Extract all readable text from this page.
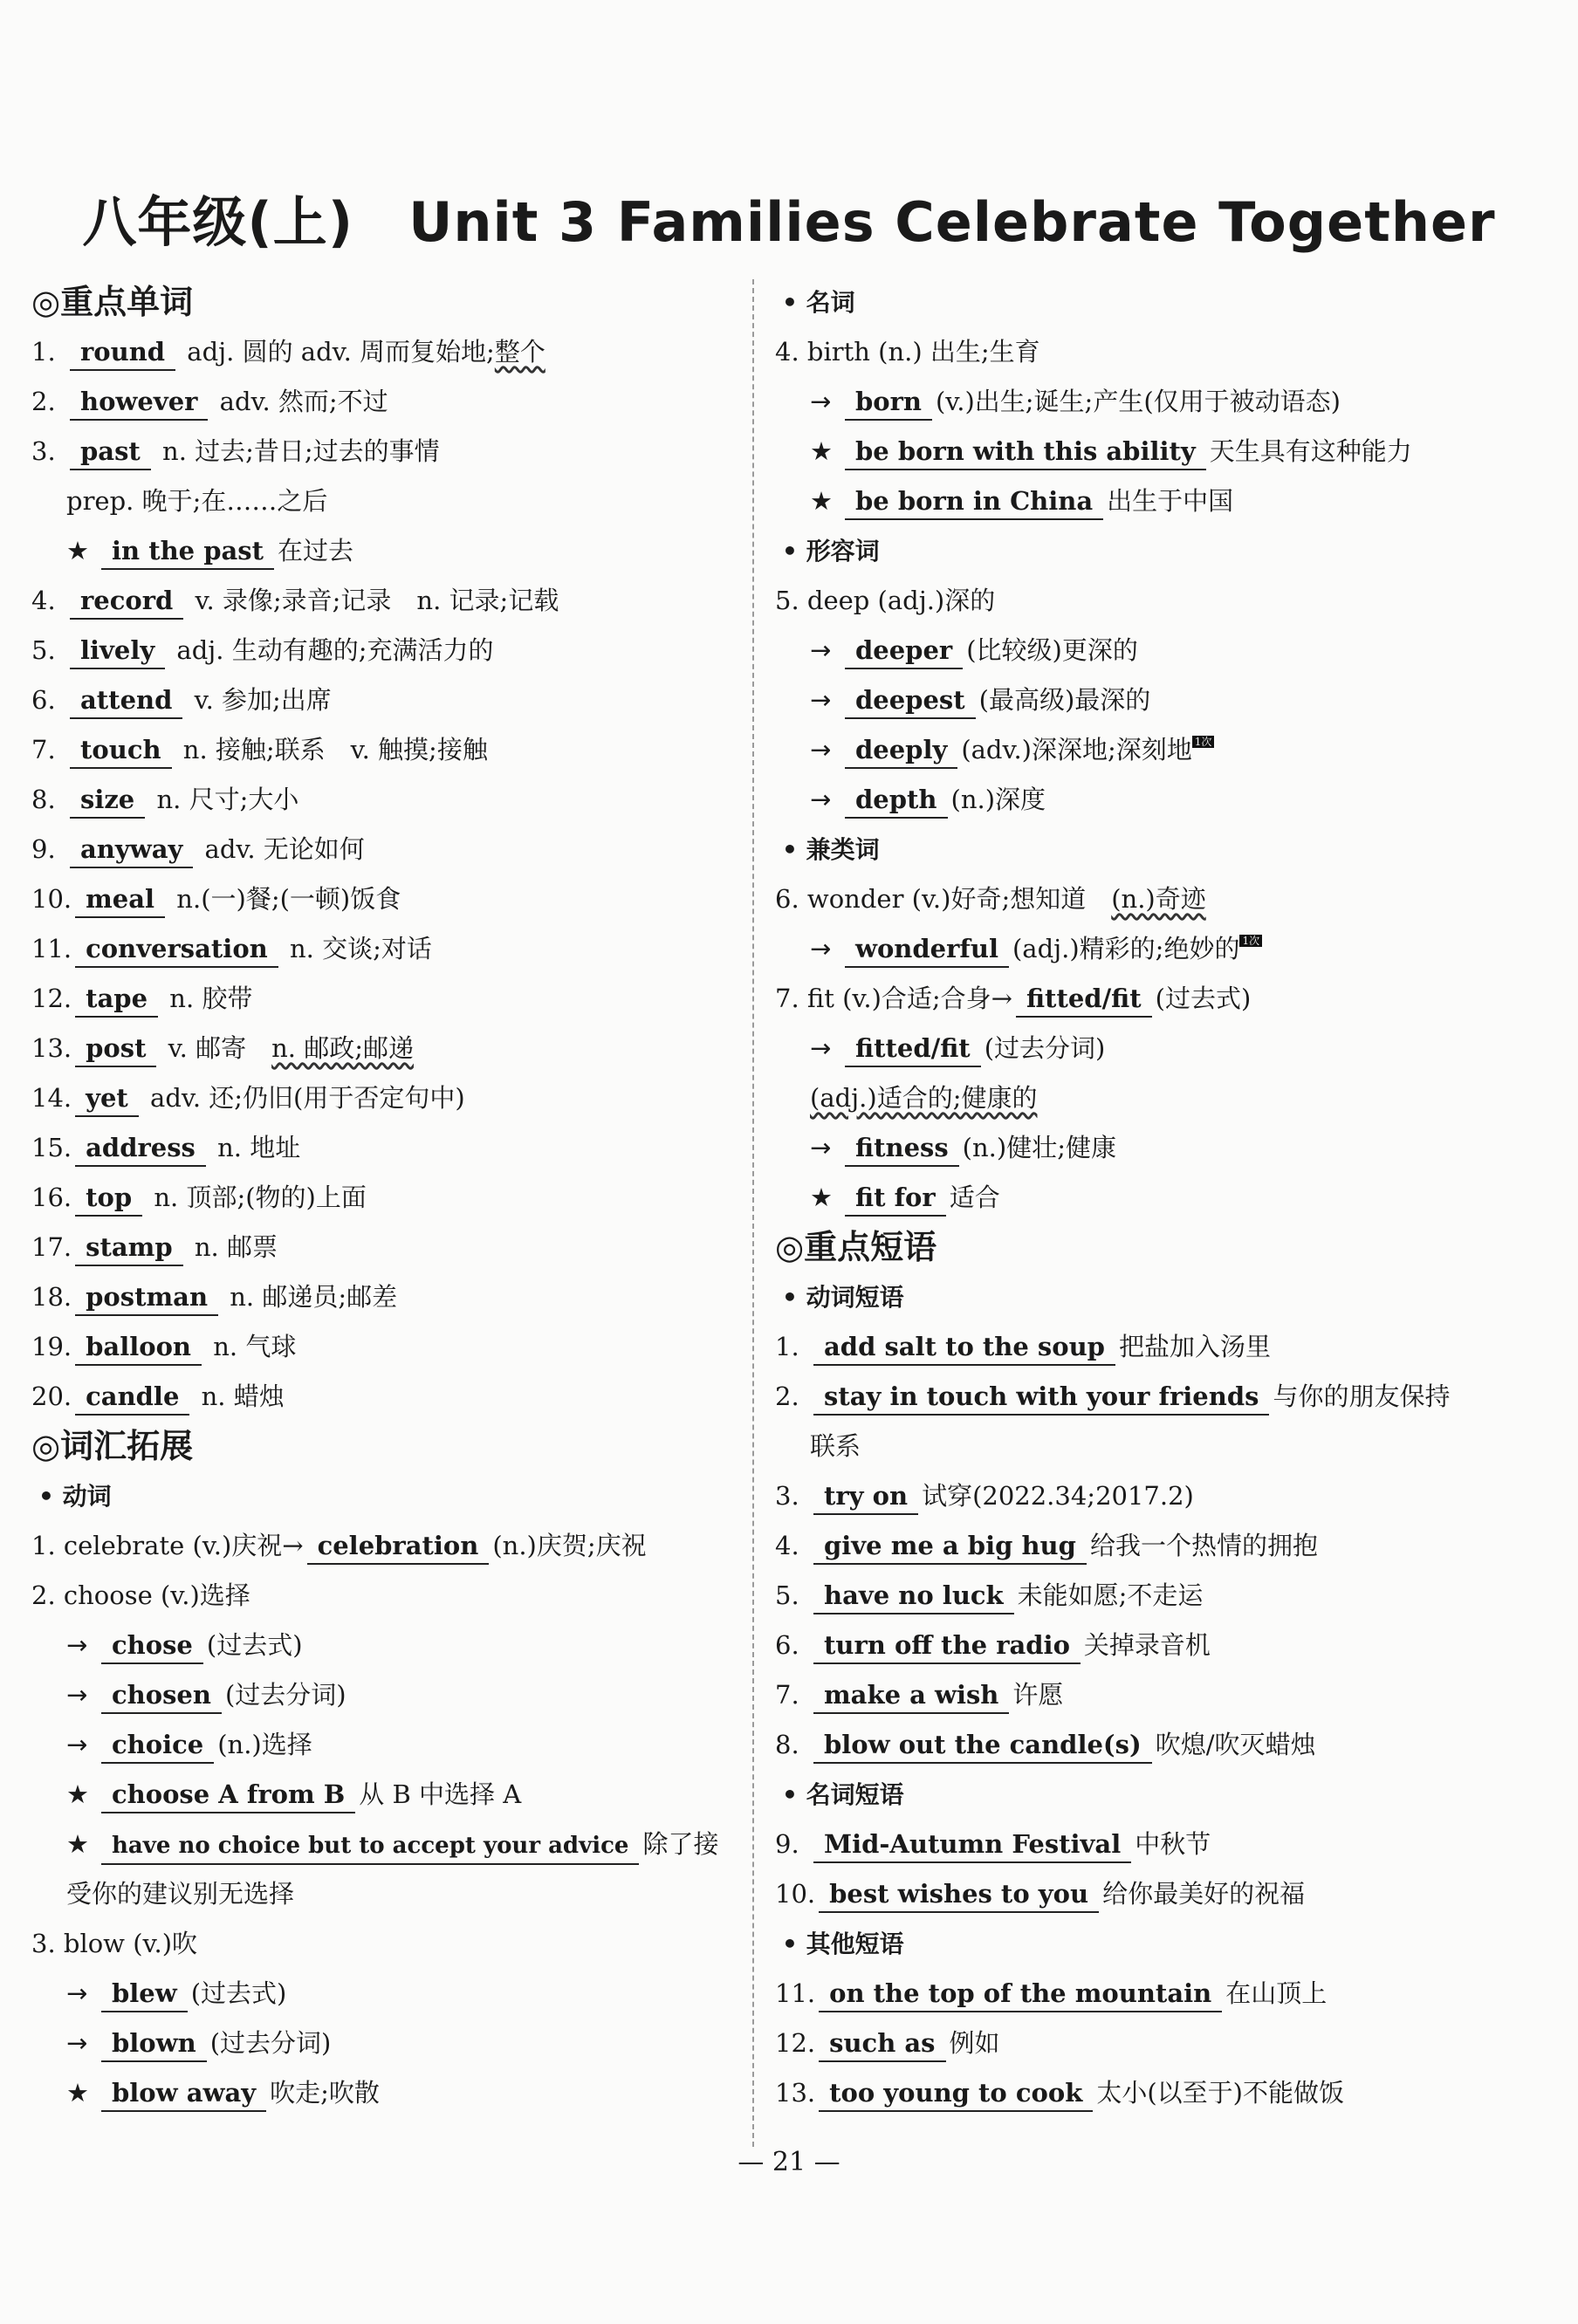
八年级(上)　Unit 3 Families Celebrate Together
◎重点单词
1. round adj. 圆的 adv. 周而复始地;整个
2. however adv. 然而;不过
3. past n. 过去;昔日;过去的事情
prep. 晚于;在……之后
★ in the past 在过去
4. record v. 录像;录音;记录　n. 记录;记载
5. lively adj. 生动有趣的;充满活力的
6. attend v. 参加;出席
7. touch n. 接触;联系　v. 触摸;接触
8. size n. 尺寸;大小
9. anyway adv. 无论如何
10. meal n.(一)餐;(一顿)饭食
11. conversation n. 交谈;对话
12. tape n. 胶带
13. post v. 邮寄　n. 邮政;邮递
14. yet adv. 还;仍旧(用于否定句中)
15. address n. 地址
16. top n. 顶部;(物的)上面
17. stamp n. 邮票
18. postman n. 邮递员;邮差
19. balloon n. 气球
20. candle n. 蜡烛
◎词汇拓展
• 动词
1. celebrate (v.)庆祝→ celebration (n.)庆贺;庆祝
2. choose (v.)选择
→ chose (过去式)
→ chosen (过去分词)
→ choice (n.)选择
★ choose A from B 从 B 中选择 A
★ have no choice but to accept your advice 除了接
受你的建议别无选择
3. blow (v.)吹
→ blew (过去式)
→ blown (过去分词)
★ blow away 吹走;吹散
• 名词
4. birth (n.) 出生;生育
→ born (v.)出生;诞生;产生(仅用于被动语态)
★ be born with this ability 天生具有这种能力
★ be born in China 出生于中国
• 形容词
5. deep (adj.)深的
→ deeper (比较级)更深的
→ deepest (最高级)最深的
→ deeply (adv.)深深地;深刻地 1次
→ depth (n.)深度
• 兼类词
6. wonder (v.)好奇;想知道　(n.)奇迹
→ wonderful (adj.)精彩的;绝妙的 1次
7. fit (v.)合适;合身→ fitted/fit (过去式)
→ fitted/fit (过去分词)
(adj.)适合的;健康的
→ fitness (n.)健壮;健康
★ fit for 适合
◎重点短语
• 动词短语
1. add salt to the soup 把盐加入汤里
2. stay in touch with your friends 与你的朋友保持
联系
3. try on 试穿(2022.34;2017.2)
4. give me a big hug 给我一个热情的拥抱
5. have no luck 未能如愿;不走运
6. turn off the radio 关掉录音机
7. make a wish 许愿
8. blow out the candle(s) 吹熄/吹灭蜡烛
• 名词短语
9. Mid-Autumn Festival 中秋节
10. best wishes to you 给你最美好的祝福
• 其他短语
11. on the top of the mountain 在山顶上
12. such as 例如
13. too young to cook 太小(以至于)不能做饭
— 21 —
